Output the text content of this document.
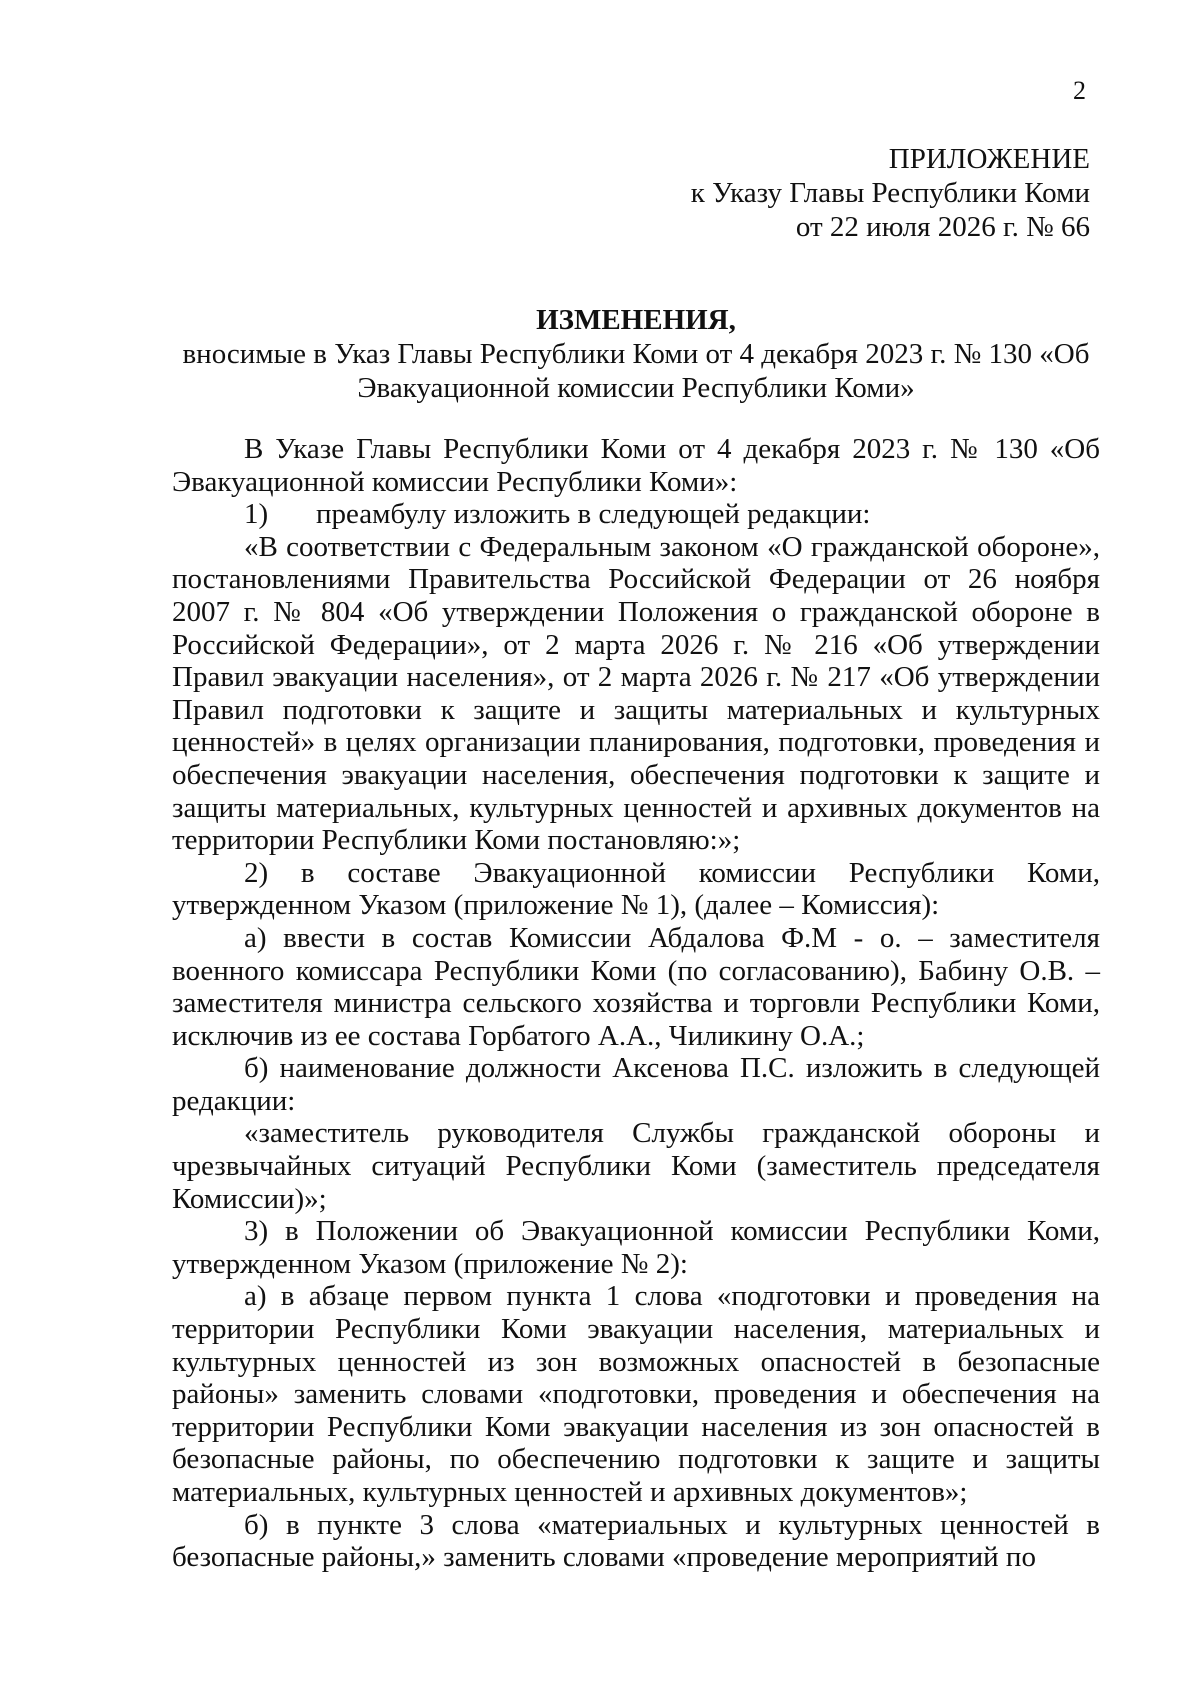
2
ПРИЛОЖЕНИЕ
к Указу Главы Республики Коми
от 22 июля 2026 г. № 66
ИЗМЕНЕНИЯ,
вносимые в Указ Главы Республики Коми от 4 декабря 2023 г. № 130 «Об Эвакуационной комиссии Республики Коми»

В Указе Главы Республики Коми от 4 декабря 2023 г. № 130 «Об Эвакуационной комиссии Республики Коми»:

1) преамбулу изложить в следующей редакции:

«В соответствии с Федеральным законом «О гражданской обороне», постановлениями Правительства Российской Федерации от 26 ноября 2007 г. № 804 «Об утверждении Положения о гражданской обороне в Российской Федерации», от 2 марта 2026 г. № 216 «Об утверждении Правил эвакуации населения», от 2 марта 2026 г. № 217 «Об утверждении Правил подготовки к защите и защиты материальных и культурных ценностей» в целях организации планирования, подготовки, проведения и обеспечения эвакуации населения, обеспечения подготовки к защите и защиты материальных, культурных ценностей и архивных документов на территории Республики Коми постановляю:»;

2) в составе Эвакуационной комиссии Республики Коми, утвержденном Указом (приложение № 1), (далее – Комиссия):

а) ввести в состав Комиссии Абдалова Ф.М - о. – заместителя военного комиссара Республики Коми (по согласованию), Бабину О.В. – заместителя министра сельского хозяйства и торговли Республики Коми, исключив из ее состава Горбатого А.А., Чиликину О.А.;

б) наименование должности Аксенова П.С. изложить в следующей редакции:

«заместитель руководителя Службы гражданской обороны и чрезвычайных ситуаций Республики Коми (заместитель председателя Комиссии)»;

3) в Положении об Эвакуационной комиссии Республики Коми, утвержденном Указом (приложение № 2):

а) в абзаце первом пункта 1 слова «подготовки и проведения на территории Республики Коми эвакуации населения, материальных и культурных ценностей из зон возможных опасностей в безопасные районы» заменить словами «подготовки, проведения и обеспечения на территории Республики Коми эвакуации населения из зон опасностей в безопасные районы, по обеспечению подготовки к защите и защиты материальных, культурных ценностей и архивных документов»;

б) в пункте 3 слова «материальных и культурных ценностей в безопасные районы,» заменить словами «проведение мероприятий по
